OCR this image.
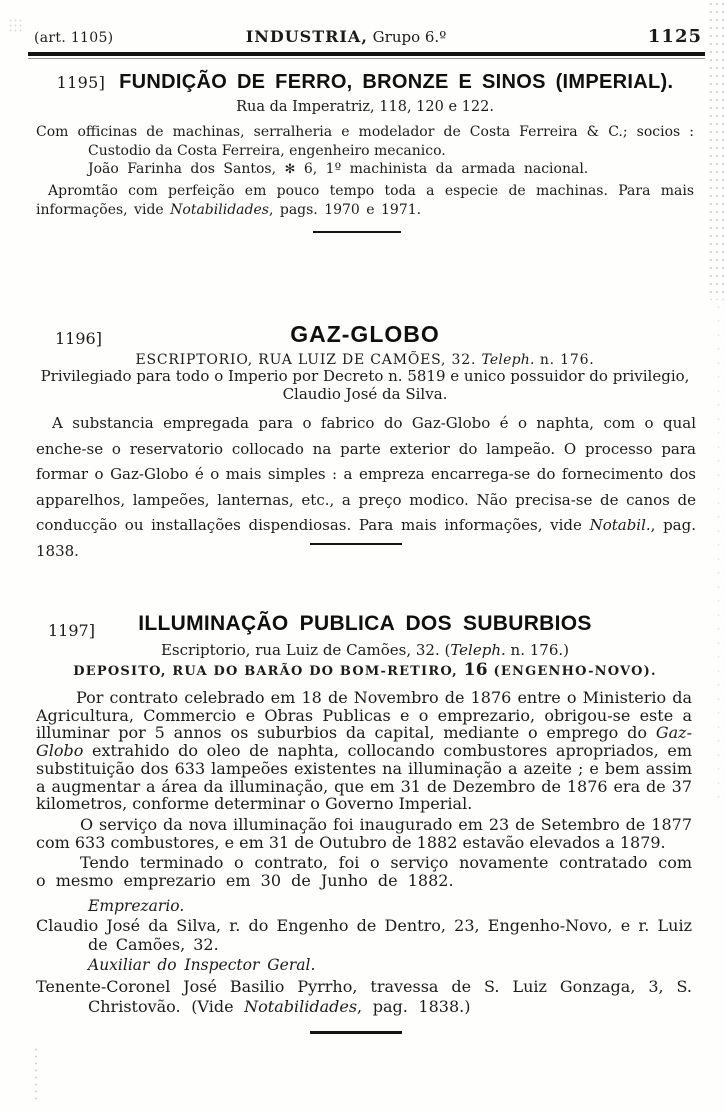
(art. 1105)	INDUSTRIA, Grupo 6.º	1125
1195] FUNDIÇÃO DE FERRO, BRONZE E SINOS (IMPERIAL).
Rua da Imperatriz, 118, 120 e 122.
Com officinas de machinas, serralheria e modelador de Costa Ferreira & C.; socios :
Custodio da Costa Ferreira, engenheiro mecanico.
João Farinha dos Santos, ✻ 6, 1º machinista da armada nacional.
Apromtão com perfeição em pouco tempo toda a especie de machinas. Para mais informações, vide Notabilidades, pags. 1970 e 1971.
1196]	GAZ-GLOBO
ESCRIPTORIO, RUA LUIZ DE CAMÕES, 32. Teleph. n. 176.
Privilegiado para todo o Imperio por Decreto n. 5819 e unico possuidor do privilegio,
Claudio José da Silva.
A substancia empregada para o fabrico do Gaz-Globo é o naphta, com o qual enche-se o reservatorio collocado na parte exterior do lampeão. O processo para formar o Gaz-Globo é o mais simples : a empreza encarrega-se do fornecimento dos apparelhos, lampeões, lanternas, etc., a preço modico. Não precisa-se de canos de conducção ou installações dispendiosas. Para mais informações, vide Notabil., pag. 1838.
1197]	ILLUMINAÇÃO PUBLICA DOS SUBURBIOS
Escriptorio, rua Luiz de Camões, 32. (Teleph. n. 176.)
DEPOSITO, RUA DO BARÃO DO BOM-RETIRO, 16 (ENGENHO-NOVO).
Por contrato celebrado em 18 de Novembro de 1876 entre o Ministerio da Agricultura, Commercio e Obras Publicas e o emprezario, obrigou-se este a illuminar por 5 annos os suburbios da capital, mediante o emprego do Gaz-Globo extrahido do oleo de naphta, collocando combustores apropriados, em substituição dos 633 lampeões existentes na illuminação a azeite ; e bem assim a augmentar a área da illuminação, que em 31 de Dezembro de 1876 era de 37 kilometros, conforme determinar o Governo Imperial.
O serviço da nova illuminação foi inaugurado em 23 de Setembro de 1877 com 633 combustores, e em 31 de Outubro de 1882 estavão elevados a 1879.
Tendo terminado o contrato, foi o serviço novamente contratado com o mesmo emprezario em 30 de Junho de 1882.
Emprezario.
Claudio José da Silva, r. do Engenho de Dentro, 23, Engenho-Novo, e r. Luiz de Camões, 32.
Auxiliar do Inspector Geral.
Tenente-Coronel José Basilio Pyrrho, travessa de S. Luiz Gonzaga, 3, S. Christovão. (Vide Notabilidades, pag. 1838.)
